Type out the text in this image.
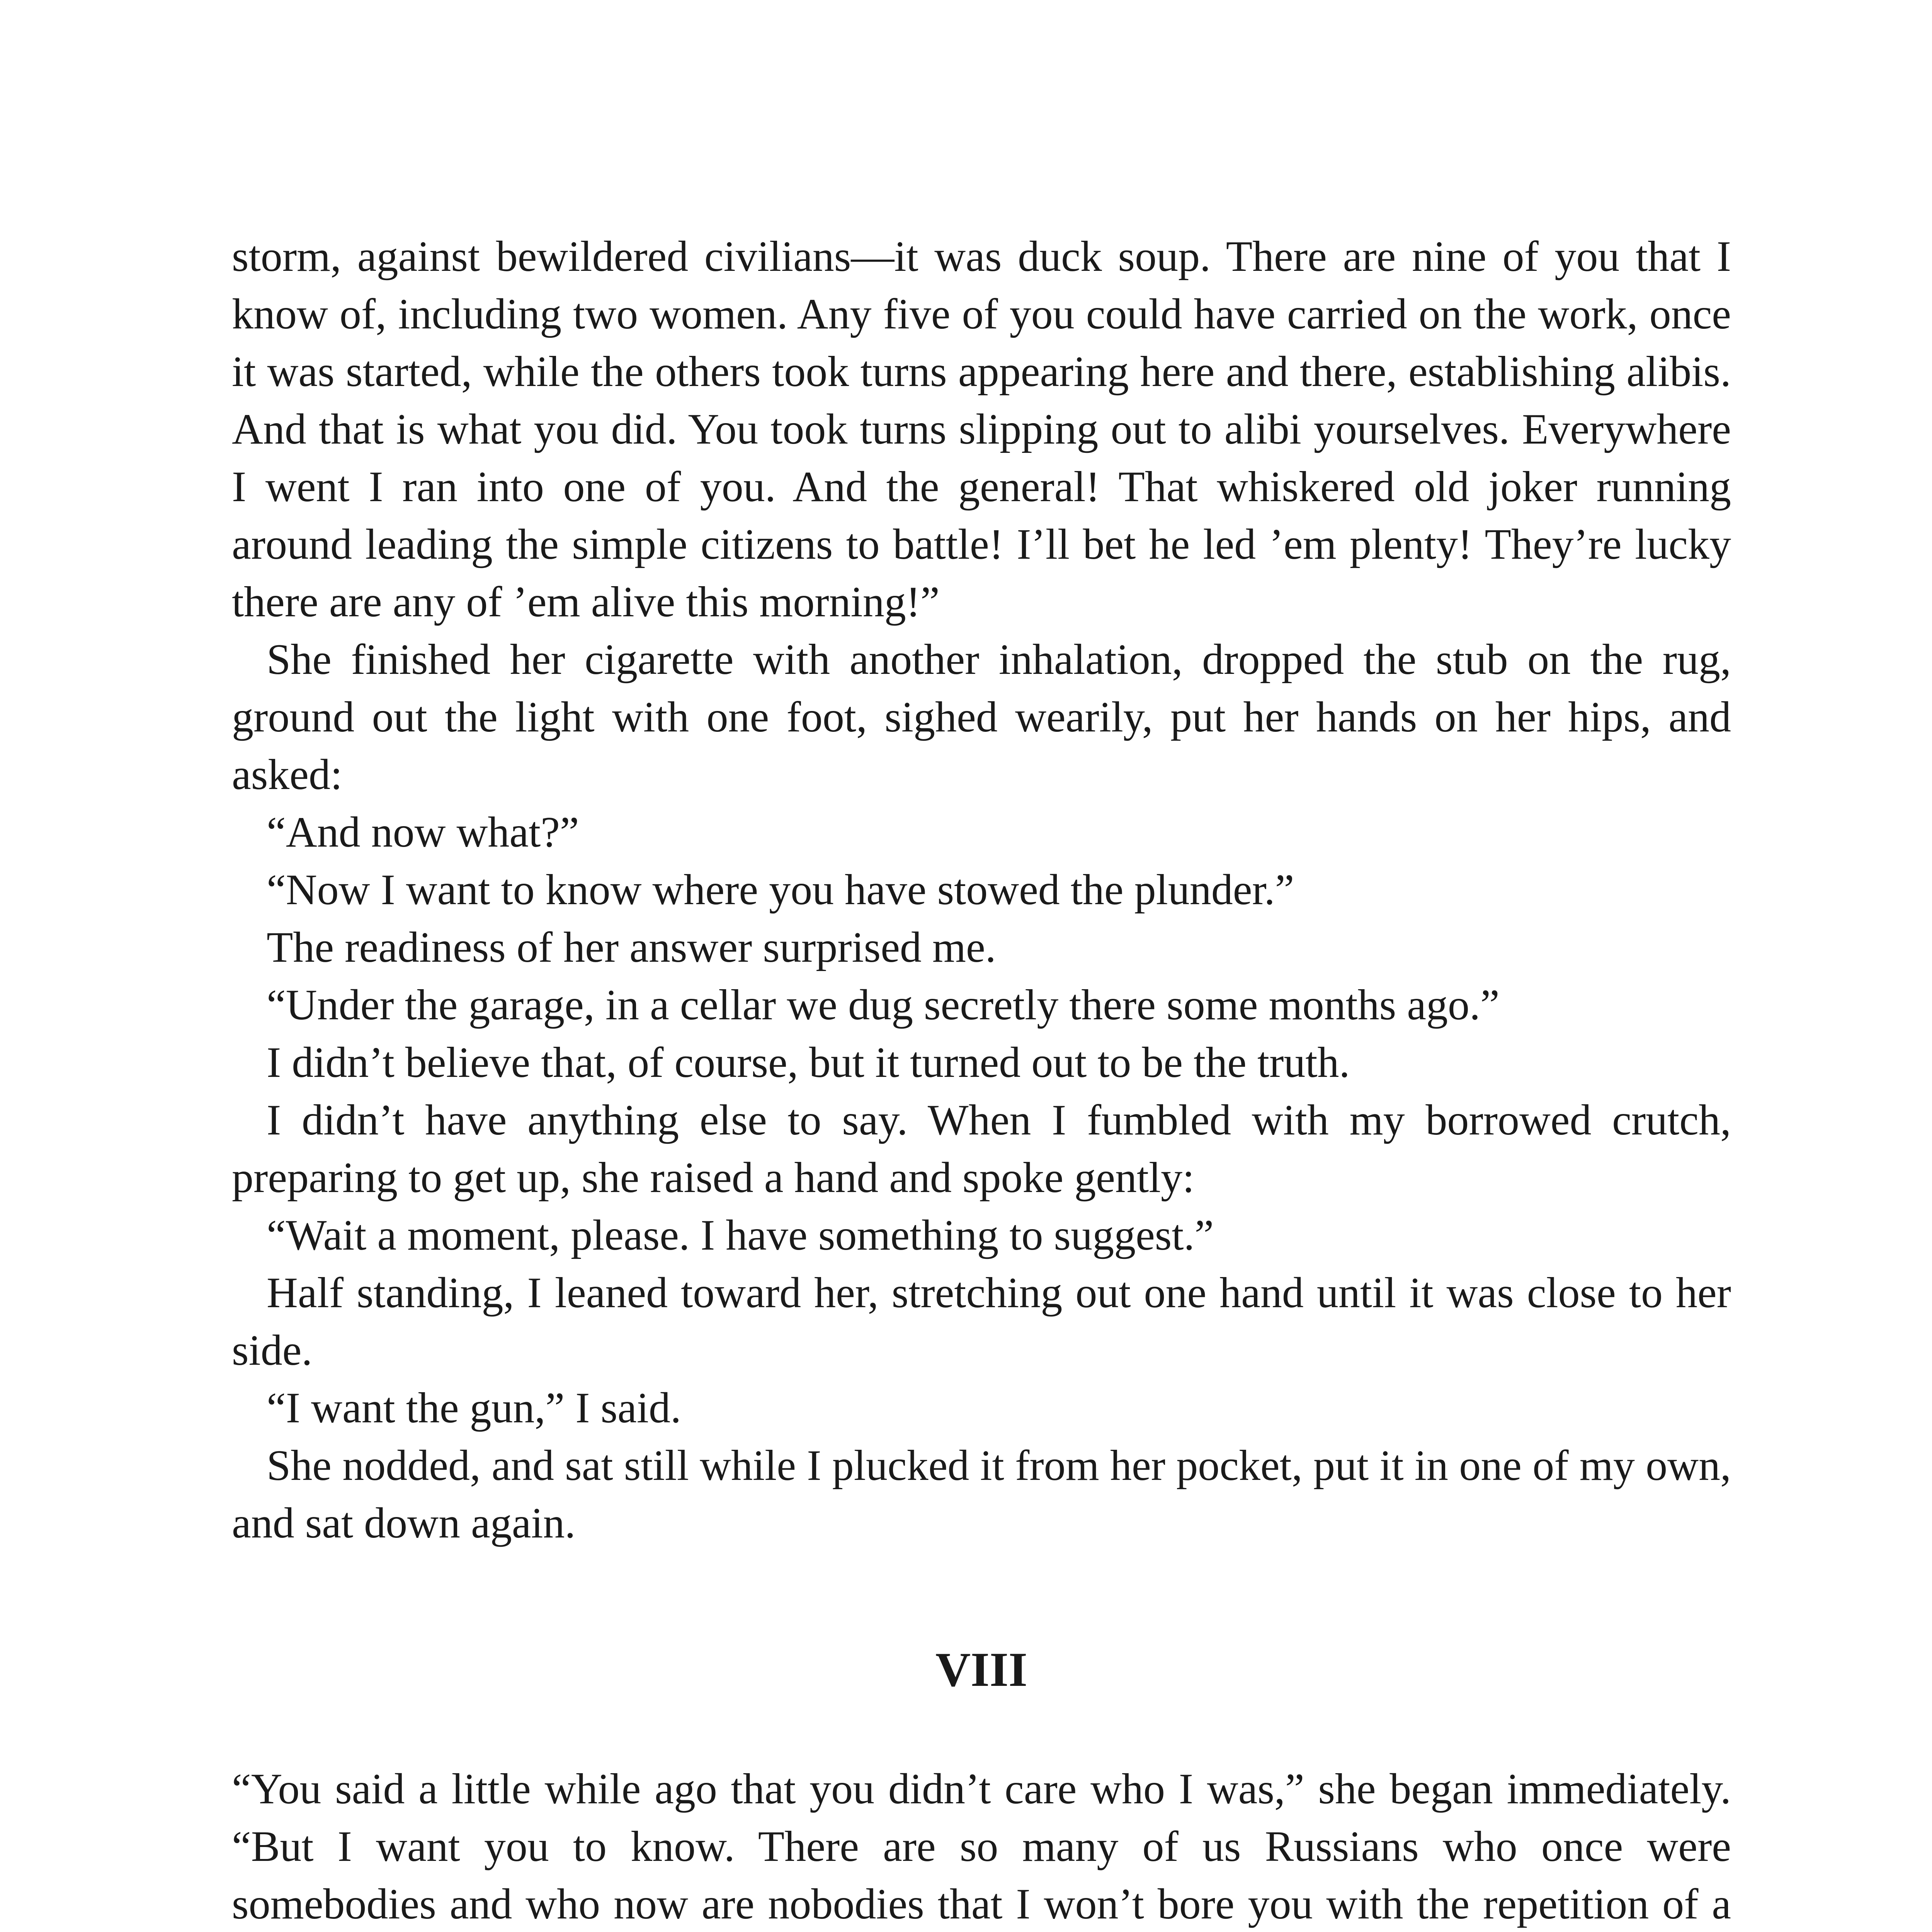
storm, against bewildered civilians—it was duck soup. There are nine of you that I know of, including two women. Any five of you could have carried on the work, once it was started, while the others took turns appearing here and there, establishing alibis. And that is what you did. You took turns slipping out to alibi yourselves. Everywhere I went I ran into one of you. And the general! That whiskered old joker running around leading the simple citizens to battle! I’ll bet he led ’em plenty! They’re lucky there are any of ’em alive this morning!”

She finished her cigarette with another inhalation, dropped the stub on the rug, ground out the light with one foot, sighed wearily, put her hands on her hips, and asked:

“And now what?”

“Now I want to know where you have stowed the plunder.”

The readiness of her answer surprised me.

“Under the garage, in a cellar we dug secretly there some months ago.”

I didn’t believe that, of course, but it turned out to be the truth.

I didn’t have anything else to say. When I fumbled with my borrowed crutch, preparing to get up, she raised a hand and spoke gently:

“Wait a moment, please. I have something to suggest.”

Half standing, I leaned toward her, stretching out one hand until it was close to her side.

“I want the gun,” I said.

She nodded, and sat still while I plucked it from her pocket, put it in one of my own, and sat down again.

VIII

“You said a little while ago that you didn’t care who I was,” she began immediately. “But I want you to know. There are so many of us Russians who once were somebodies and who now are nobodies that I won’t bore you with the repetition of a
